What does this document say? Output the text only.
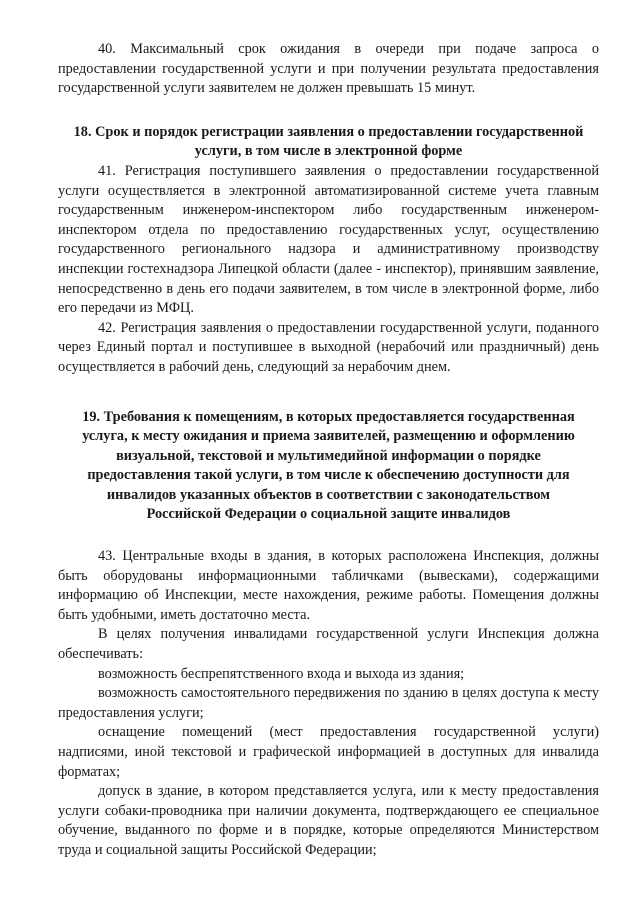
40. Максимальный срок ожидания в очереди при подаче запроса о предоставлении государственной услуги и при получении результата предоставления государственной услуги заявителем не должен превышать 15 минут.

18. Срок и порядок регистрации заявления о предоставлении государственной услуги, в том числе в электронной форме

41. Регистрация поступившего заявления о предоставлении государственной услуги осуществляется в электронной автоматизированной системе учета главным государственным инженером-инспектором либо государственным инженером-инспектором отдела по предоставлению государственных услуг, осуществлению государственного регионального надзора и административному производству инспекции гостехнадзора Липецкой области (далее - инспектор), принявшим заявление, непосредственно в день его подачи заявителем, в том числе в электронной форме, либо его передачи из МФЦ.

42. Регистрация заявления о предоставлении государственной услуги, поданного через Единый портал и поступившее в выходной (нерабочий или праздничный) день осуществляется в рабочий день, следующий за нерабочим днем.

19. Требования к помещениям, в которых предоставляется государственная услуга, к месту ожидания и приема заявителей, размещению и оформлению визуальной, текстовой и мультимедийной информации о порядке предоставления такой услуги, в том числе к обеспечению доступности для инвалидов указанных объектов в соответствии с законодательством Российской Федерации о социальной защите инвалидов

43. Центральные входы в здания, в которых расположена Инспекция, должны быть оборудованы информационными табличками (вывесками), содержащими информацию об Инспекции, месте нахождения, режиме работы. Помещения должны быть удобными, иметь достаточно места.

В целях получения инвалидами государственной услуги Инспекция должна обеспечивать:

возможность беспрепятственного входа и выхода из здания;

возможность самостоятельного передвижения по зданию в целях доступа к месту предоставления услуги;

оснащение помещений (мест предоставления государственной услуги) надписями, иной текстовой и графической информацией в доступных для инвалида форматах;

допуск в здание, в котором представляется услуга, или к месту предоставления услуги собаки-проводника при наличии документа, подтверждающего ее специальное обучение, выданного по форме и в порядке, которые определяются Министерством труда и социальной защиты Российской Федерации;
